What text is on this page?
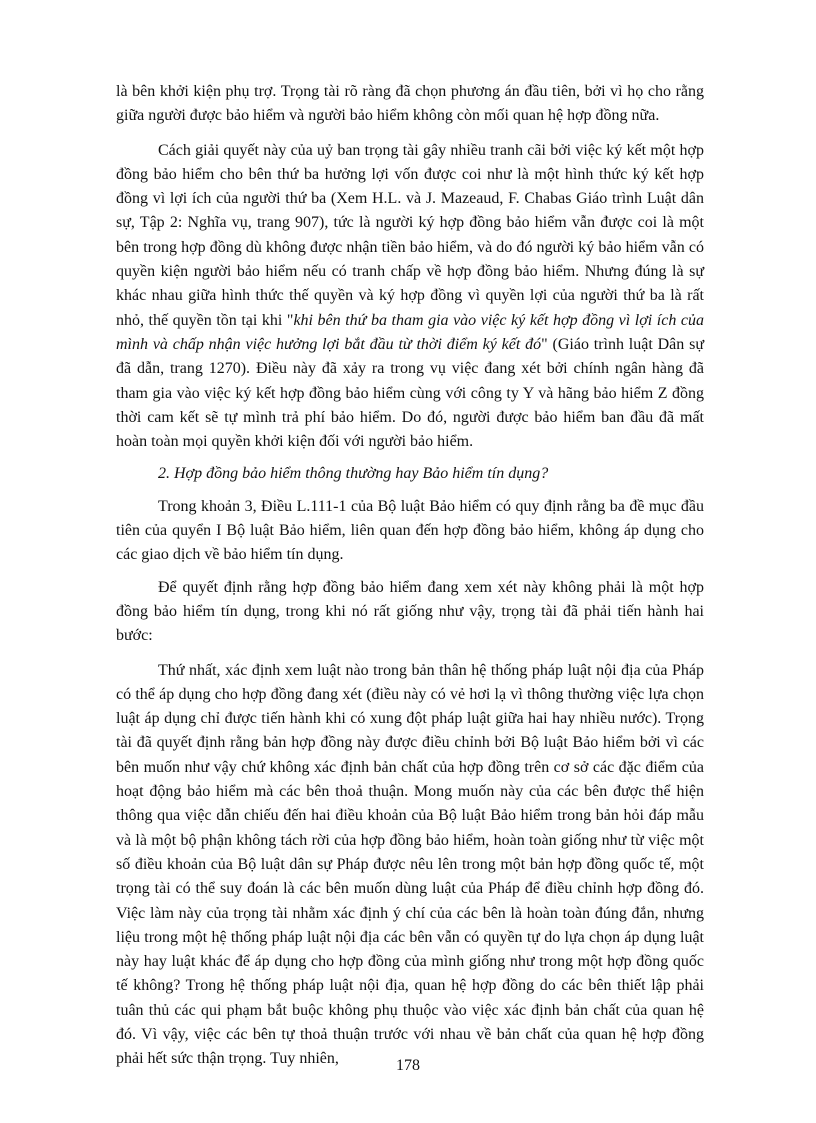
là bên khởi kiện phụ trợ. Trọng tài rõ ràng đã chọn phương án đầu tiên, bởi vì họ cho rằng giữa người được bảo hiểm và người bảo hiểm không còn mối quan hệ hợp đồng nữa.

Cách giải quyết này của uỷ ban trọng tài gây nhiều tranh cãi bởi việc ký kết một hợp đồng bảo hiểm cho bên thứ ba hưởng lợi vốn được coi như là một hình thức ký kết hợp đồng vì lợi ích của người thứ ba (Xem H.L. và J. Mazeaud, F. Chabas Giáo trình Luật dân sự, Tập 2: Nghĩa vụ, trang 907), tức là người ký hợp đồng bảo hiểm vẫn được coi là một bên trong hợp đồng dù không được nhận tiền bảo hiểm, và do đó người ký bảo hiểm vẫn có quyền kiện người bảo hiểm nếu có tranh chấp về hợp đồng bảo hiểm. Nhưng đúng là sự khác nhau giữa hình thức thế quyền và ký hợp đồng vì quyền lợi của người thứ ba là rất nhỏ, thế quyền tồn tại khi "khi bên thứ ba tham gia vào việc ký kết hợp đồng vì lợi ích của mình và chấp nhận việc hưởng lợi bắt đầu từ thời điểm ký kết đó" (Giáo trình luật Dân sự đã dẫn, trang 1270). Điều này đã xảy ra trong vụ việc đang xét bởi chính ngân hàng đã tham gia vào việc ký kết hợp đồng bảo hiểm cùng với công ty Y và hãng bảo hiểm Z đồng thời cam kết sẽ tự mình trả phí bảo hiểm. Do đó, người được bảo hiểm ban đầu đã mất hoàn toàn mọi quyền khởi kiện đối với người bảo hiểm.

2. Hợp đồng bảo hiểm thông thường hay Bảo hiểm tín dụng?

Trong khoản 3, Điều L.111-1 của Bộ luật Bảo hiểm có quy định rằng ba đề mục đầu tiên của quyển I Bộ luật Bảo hiểm, liên quan đến hợp đồng bảo hiểm, không áp dụng cho các giao dịch về bảo hiểm tín dụng.

Để quyết định rằng hợp đồng bảo hiểm đang xem xét này không phải là một hợp đồng bảo hiểm tín dụng, trong khi nó rất giống như vậy, trọng tài đã phải tiến hành hai bước:

Thứ nhất, xác định xem luật nào trong bản thân hệ thống pháp luật nội địa của Pháp có thể áp dụng cho hợp đồng đang xét (điều này có vẻ hơi lạ vì thông thường việc lựa chọn luật áp dụng chỉ được tiến hành khi có xung đột pháp luật giữa hai hay nhiều nước). Trọng tài đã quyết định rằng bản hợp đồng này được điều chỉnh bởi Bộ luật Bảo hiểm bởi vì các bên muốn như vậy chứ không xác định bản chất của hợp đồng trên cơ sở các đặc điểm của hoạt động bảo hiểm mà các bên thoả thuận. Mong muốn này của các bên được thể hiện thông qua việc dẫn chiếu đến hai điều khoản của Bộ luật Bảo hiểm trong bản hỏi đáp mẫu và là một bộ phận không tách rời của hợp đồng bảo hiểm, hoàn toàn giống như từ việc một số điều khoản của Bộ luật dân sự Pháp được nêu lên trong một bản hợp đồng quốc tế, một trọng tài có thể suy đoán là các bên muốn dùng luật của Pháp để điều chỉnh hợp đồng đó. Việc làm này của trọng tài nhằm xác định ý chí của các bên là hoàn toàn đúng đắn, nhưng liệu trong một hệ thống pháp luật nội địa các bên vẫn có quyền tự do lựa chọn áp dụng luật này hay luật khác để áp dụng cho hợp đồng của mình giống như trong một hợp đồng quốc tế không? Trong hệ thống pháp luật nội địa, quan hệ hợp đồng do các bên thiết lập phải tuân thủ các qui phạm bắt buộc không phụ thuộc vào việc xác định bản chất của quan hệ đó. Vì vậy, việc các bên tự thoả thuận trước với nhau về bản chất của quan hệ hợp đồng phải hết sức thận trọng. Tuy nhiên,	178
